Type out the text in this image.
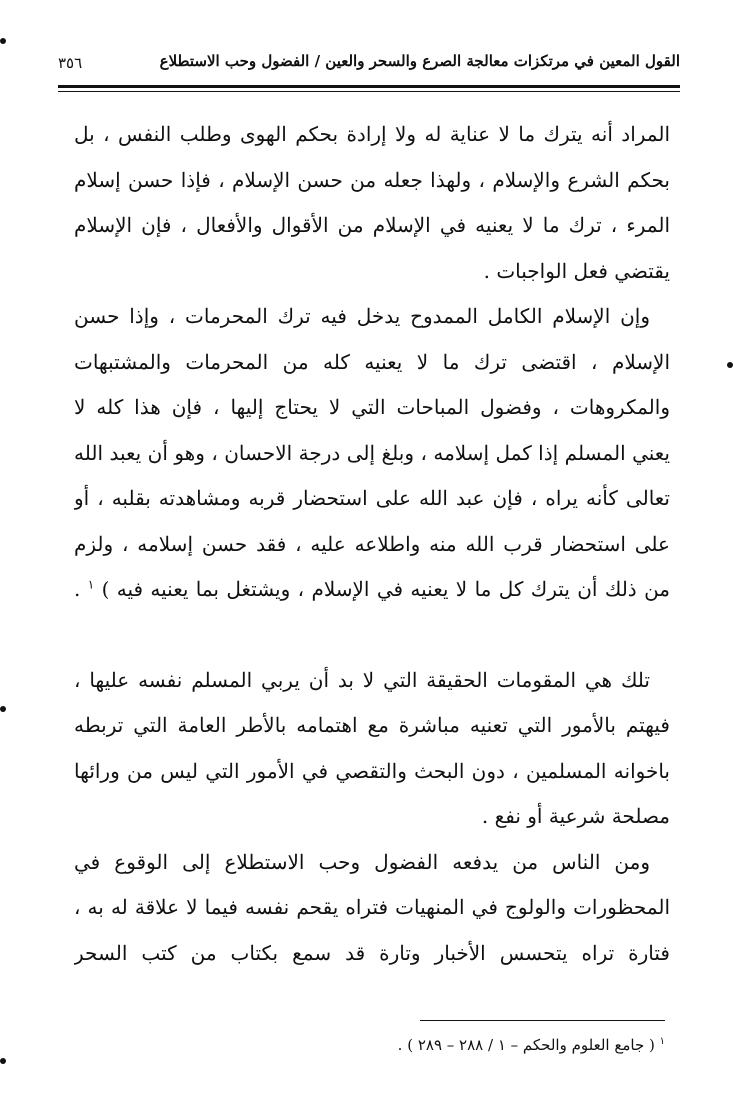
القول المعين في مرتكزات معالجة الصرع والسحر والعين / الفضول وحب الاستطلاع
٣٥٦
المراد أنه يترك ما لا عناية له ولا إرادة بحكم الهوى وطلب النفس ، بل
بحكم الشرع والإسلام ، ولهذا جعله من حسن الإسلام ، فإذا حسن إسلام
المرء ، ترك ما لا يعنيه في الإسلام من الأقوال والأفعال ، فإن الإسلام
يقتضي فعل الواجبات .
وإن الإسلام الكامل الممدوح يدخل فيه ترك المحرمات ، وإذا حسن
الإسلام ، اقتضى ترك ما لا يعنيه كله من المحرمات والمشتبهات
والمكروهات ، وفضول المباحات التي لا يحتاج إليها ، فإن هذا كله لا
يعني المسلم إذا كمل إسلامه ، وبلغ إلى درجة الاحسان ، وهو أن يعبد الله
تعالى كأنه يراه ، فإن عبد الله على استحضار قربه ومشاهدته بقلبه ، أو
على استحضار قرب الله منه واطلاعه عليه ، فقد حسن إسلامه ، ولزم
من ذلك أن يترك كل ما لا يعنيه في الإسلام ، ويشتغل بما يعنيه فيه ) $^١$ .
تلك هي المقومات الحقيقة التي لا بد أن يربي المسلم نفسه عليها ،
فيهتم بالأمور التي تعنيه مباشرة مع اهتمامه بالأطر العامة التي تربطه
باخوانه المسلمين ، دون البحث والتقصي في الأمور التي ليس من ورائها
مصلحة شرعية أو نفع .
ومن الناس من يدفعه الفضول وحب الاستطلاع إلى الوقوع في
المحظورات والولوج في المنهيات فتراه يقحم نفسه فيما لا علاقة له به ،
فتارة تراه يتحسس الأخبار وتارة قد سمع بكتاب من كتب السحر
$^١$ ( جامع العلوم والحكم – ١ / ٢٨٨ – ٢٨٩ ) .
